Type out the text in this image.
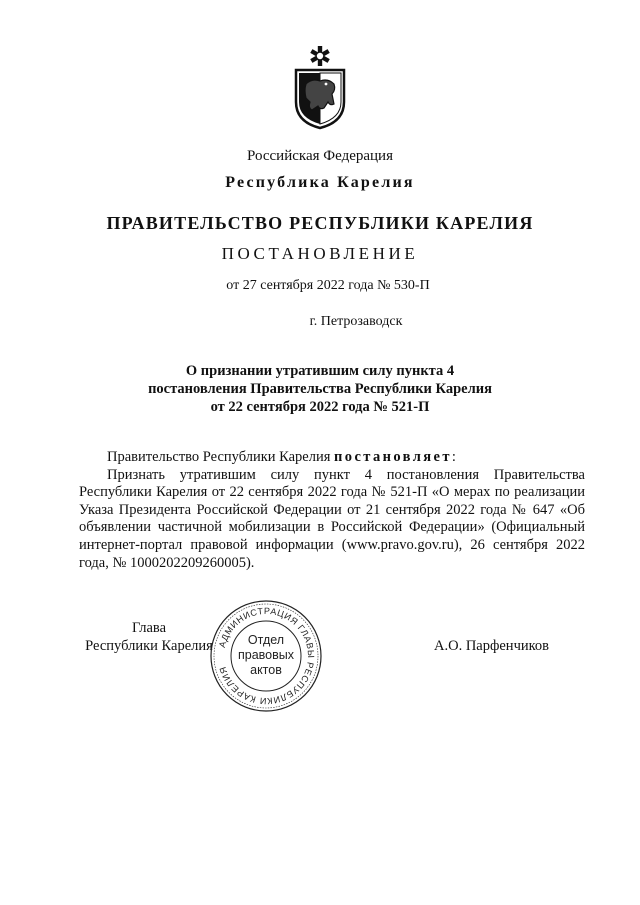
Российская Федерация
Республика Карелия
ПРАВИТЕЛЬСТВО РЕСПУБЛИКИ КАРЕЛИЯ
ПОСТАНОВЛЕНИЕ
от 27 сентября 2022 года № 530-П
г. Петрозаводск
О признании утратившим силу пункта 4
постановления Правительства Республики Карелия
от 22 сентября 2022 года № 521-П

Правительство Республики Карелия постановляет:

Признать утратившим силу пункт 4 постановления Правительства Республики Карелия от 22 сентября 2022 года № 521-П «О мерах по реализации Указа Президента Российской Федерации от 21 сентября 2022 года № 647 «Об объявлении частичной мобилизации в Российской Федерации» (Официальный интернет-портал правовой информации (www.pravo.gov.ru), 26 сентября 2022 года, № 1000202209260005).

Глава
Республики Карелия АДМИНИСТРАЦИЯ ГЛАВЫ РЕСПУБЛИКИ КАРЕЛИЯ
Отдел
правовых
актов
А.О. Парфенчиков
